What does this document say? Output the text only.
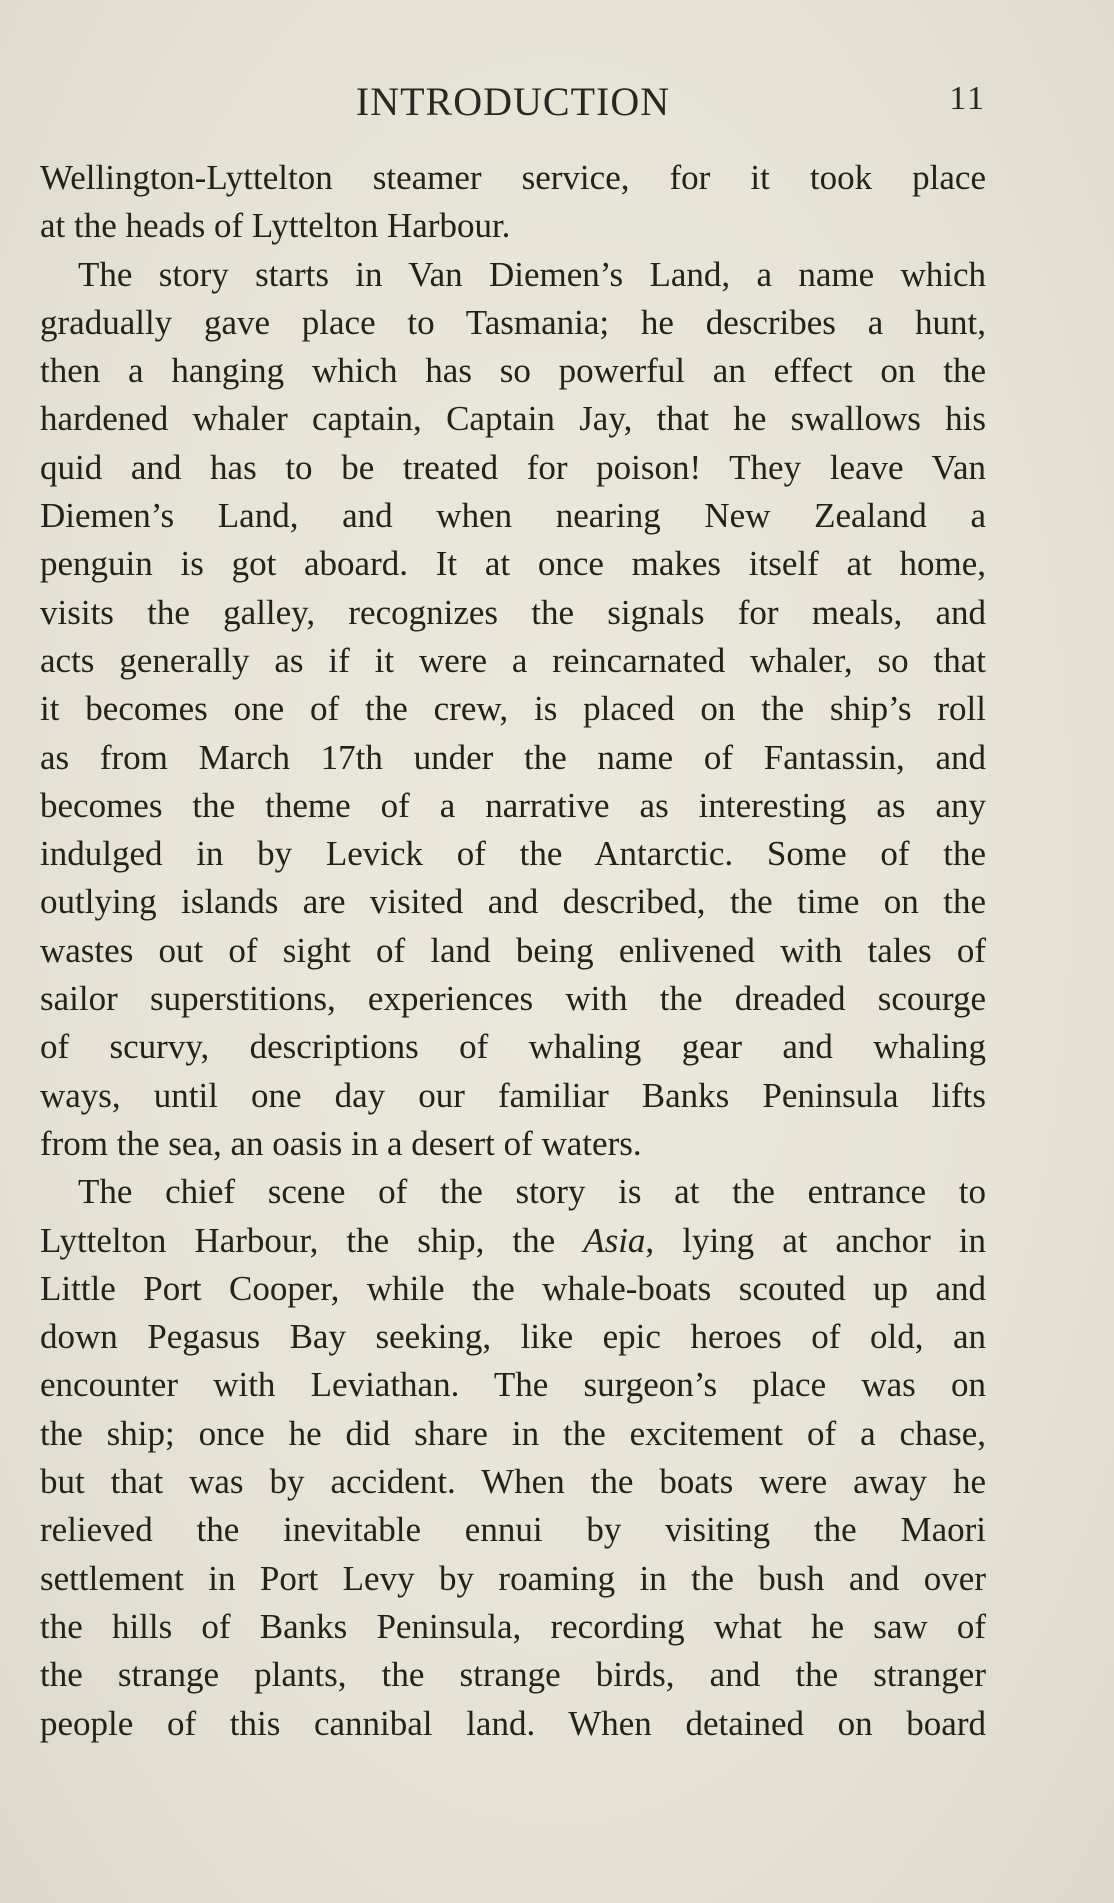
INTRODUCTION	11
Wellington-Lyttelton steamer service, for it took place
at the heads of Lyttelton Harbour.
The story starts in Van Diemen’s Land, a name which
gradually gave place to Tasmania; he describes a hunt,
then a hanging which has so powerful an effect on the
hardened whaler captain, Captain Jay, that he swallows his
quid and has to be treated for poison! They leave Van
Diemen’s Land, and when nearing New Zealand a
penguin is got aboard. It at once makes itself at home,
visits the galley, recognizes the signals for meals, and
acts generally as if it were a reincarnated whaler, so that
it becomes one of the crew, is placed on the ship’s roll
as from March 17th under the name of Fantassin, and
becomes the theme of a narrative as interesting as any
indulged in by Levick of the Antarctic. Some of the
outlying islands are visited and described, the time on the
wastes out of sight of land being enlivened with tales of
sailor superstitions, experiences with the dreaded scourge
of scurvy, descriptions of whaling gear and whaling
ways, until one day our familiar Banks Peninsula lifts
from the sea, an oasis in a desert of waters.
The chief scene of the story is at the entrance to
Lyttelton Harbour, the ship, the Asia, lying at anchor in
Little Port Cooper, while the whale-boats scouted up and
down Pegasus Bay seeking, like epic heroes of old, an
encounter with Leviathan. The surgeon’s place was on
the ship; once he did share in the excitement of a chase,
but that was by accident. When the boats were away he
relieved the inevitable ennui by visiting the Maori
settlement in Port Levy by roaming in the bush and over
the hills of Banks Peninsula, recording what he saw of
the strange plants, the strange birds, and the stranger
people of this cannibal land. When detained on board
